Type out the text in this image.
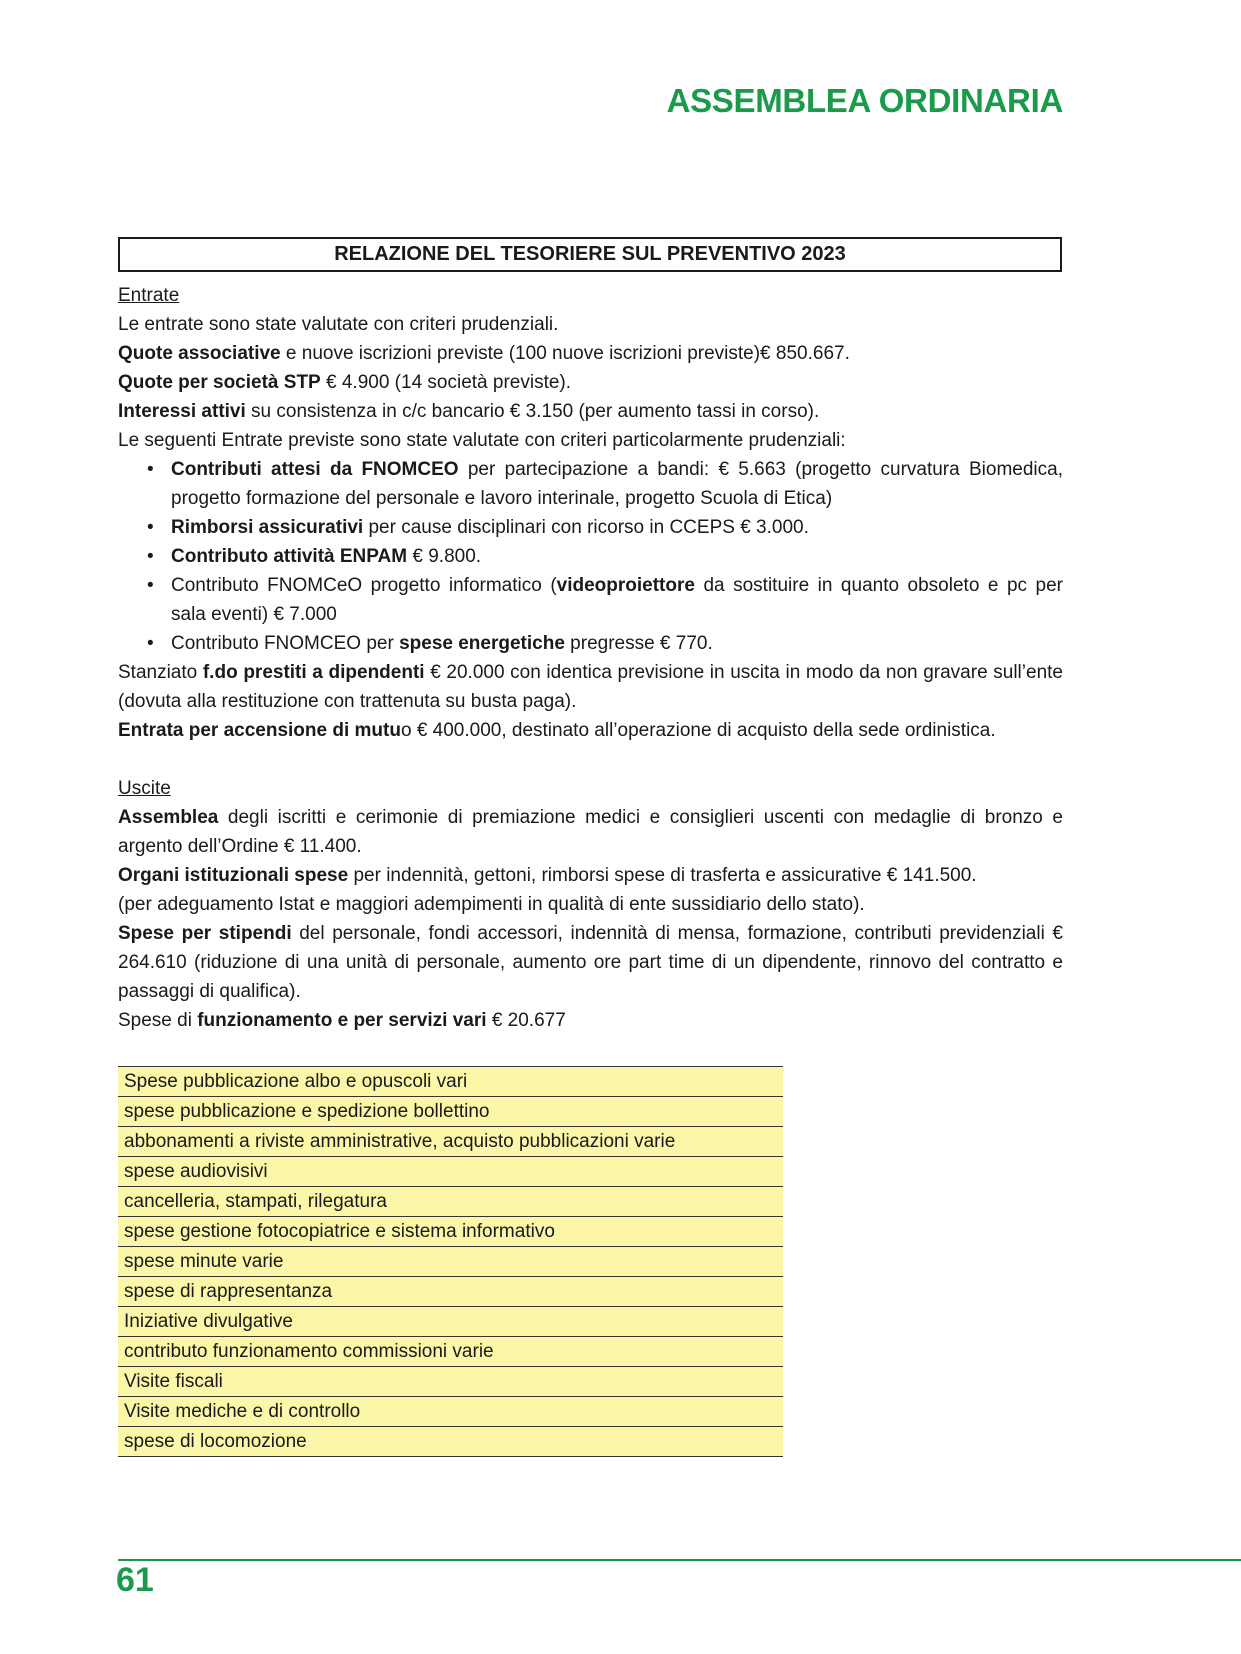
ASSEMBLEA ORDINARIA
RELAZIONE DEL TESORIERE SUL PREVENTIVO 2023

Entrate

Le entrate sono state valutate con criteri prudenziali.

Quote associative e nuove iscrizioni previste (100 nuove iscrizioni previste)€ 850.667.

Quote per società STP € 4.900 (14 società previste).

Interessi attivi su consistenza in c/c bancario € 3.150 (per aumento tassi in corso).

Le seguenti Entrate previste sono state valutate con criteri particolarmente prudenziali:

• Contributi attesi da FNOMCEO per partecipazione a bandi: € 5.663 (progetto curvatura Biomedica, progetto formazione del personale e lavoro interinale, progetto Scuola di Etica)
• Rimborsi assicurativi per cause disciplinari con ricorso in CCEPS € 3.000.
• Contributo attività ENPAM € 9.800.
• Contributo FNOMCeO progetto informatico (videoproiettore da sostituire in quanto obsoleto e pc per sala eventi) € 7.000
• Contributo FNOMCEO per spese energetiche pregresse € 770.

Stanziato f.do prestiti a dipendenti € 20.000 con identica previsione in uscita in modo da non gravare sull’ente (dovuta alla restituzione con trattenuta su busta paga).

Entrata per accensione di mutuo € 400.000, destinato all’operazione di acquisto della sede ordinistica.

Uscite

Assemblea degli iscritti e cerimonie di premiazione medici e consiglieri uscenti con medaglie di bronzo e argento dell’Ordine € 11.400.

Organi istituzionali spese per indennità, gettoni, rimborsi spese di trasferta e assicurative € 141.500.

(per adeguamento Istat e maggiori adempimenti in qualità di ente sussidiario dello stato).

Spese per stipendi del personale, fondi accessori, indennità di mensa, formazione, contributi previdenziali € 264.610 (riduzione di una unità di personale, aumento ore part time di un dipendente, rinnovo del contratto e passaggi di qualifica).

Spese di funzionamento e per servizi vari € 20.677

Spese pubblicazione albo e opuscoli vari
spese pubblicazione e spedizione bollettino
abbonamenti a riviste amministrative, acquisto pubblicazioni varie
spese audiovisivi
cancelleria, stampati, rilegatura
spese gestione fotocopiatrice e sistema informativo
spese minute varie
spese di rappresentanza
Iniziative divulgative
contributo funzionamento commissioni varie
Visite fiscali
Visite mediche e di controllo
spese di locomozione
61
